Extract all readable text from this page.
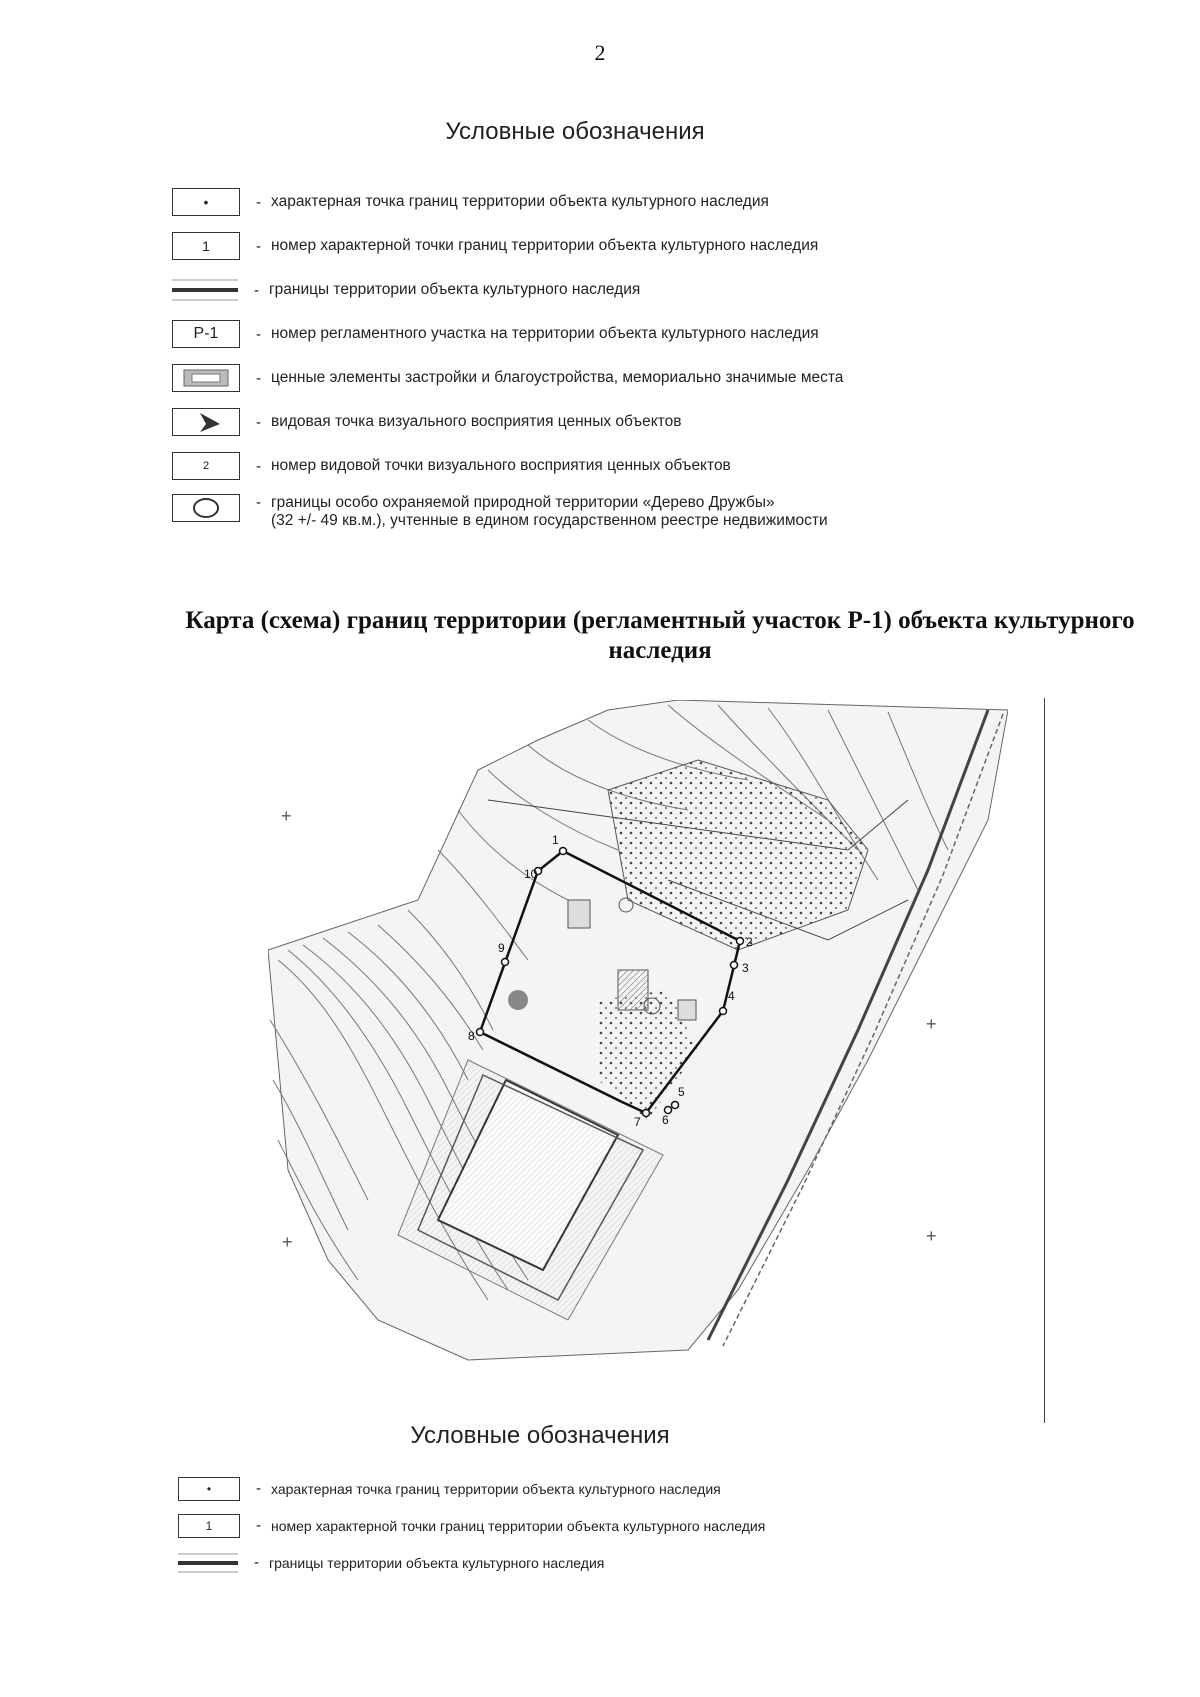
2
Условные обозначения
•	- характерная точка границ территории объекта культурного наследия
1	- номер характерной точки границ территории объекта культурного наследия
- границы территории объекта культурного наследия
Р-1	- номер регламентного участка на территории объекта культурного наследия
- ценные элементы застройки и благоустройства, мемориально значимые места
- видовая точка визуального восприятия ценных объектов
2	- номер видовой точки визуального восприятия ценных объектов
- границы особо охраняемой природной территории «Дерево Дружбы»
(32 +/- 49 кв.м.), учтенные в едином государственном реестре недвижимости
Карта (схема) границ территории (регламентный участок Р-1) объекта культурного наследия
+
+
+	+
1
2
3
4
5
6
7
8
9
10
Условные обозначения
•	- характерная точка границ территории объекта культурного наследия
1	- номер характерной точки границ территории объекта культурного наследия
- границы территории объекта культурного наследия
